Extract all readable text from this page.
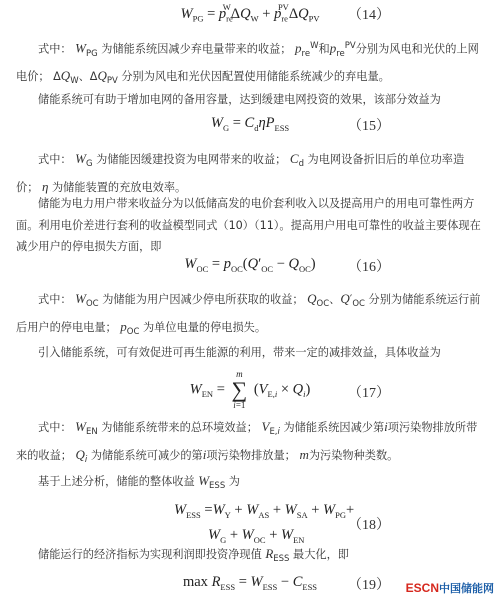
$W_{PG} = p_{re}^W\Delta Q_W + p_{re}^{PV}\Delta Q_{PV}$	（14）
式中： $W_{PG}$ 为储能系统因减少弃电量带来的收益； $p_{re}^W$和$p_{re}^{PV}$分别为风电和光伏的上网电价； $\Delta Q_W$、$\Delta Q_{PV}$ 分别为风电和光伏因配置使用储能系统减少的弃电量。
储能系统可有助于增加电网的备用容量，达到缓建电网投资的效果，该部分效益为
$W_G = C_d\eta P_{ESS}$	（15）
式中： $W_G$ 为储能因缓建投资为电网带来的收益； $C_d$ 为电网设备折旧后的单位功率造价； η 为储能装置的充放电效率。
储能为电力用户带来收益分为以低储高发的电价套利收入以及提高用户的用电可靠性两方面。利用电价差进行套利的收益模型同式（10）（11）。提高用户用电可靠性的收益主要体现在减少用户的停电损失方面，即
$W_{OC} = p_{OC}(Q'_{OC} - Q_{OC})$	（16）
式中： $W_{OC}$ 为储能为用户因减少停电所获取的收益； $Q_{OC}$、$Q'_{OC}$ 分别为储能系统运行前后用户的停电电量； $p_{OC}$ 为单位电量的停电损失。
引入储能系统，可有效促进可再生能源的利用，带来一定的减排效益，具体收益为
$W_{EN}$ =
m
∑
i=1
$(V_{E,i} \times Q_i)$	（17）
式中： $W_{EN}$ 为储能系统带来的总环境效益； $V_{E,i}$ 为储能系统因减少第i项污染物排放所带来的收益； $Q_i$ 为储能系统可减少的第i项污染物排放量； m为污染物种类数。
基于上述分析，储能的整体收益 $W_{ESS}$ 为
$W_{ESS} =W_Y + W_{AS} + W_{SA} + W_{PG}+$
$W_G + W_{OC} + W_{EN}$
（18）
储能运行的经济指标为实现利润即投资净现值 $R_{ESS}$ 最大化，即
$\max R_{ESS} = W_{ESS} - C_{ESS}$	（19） ESCN中国储能网
